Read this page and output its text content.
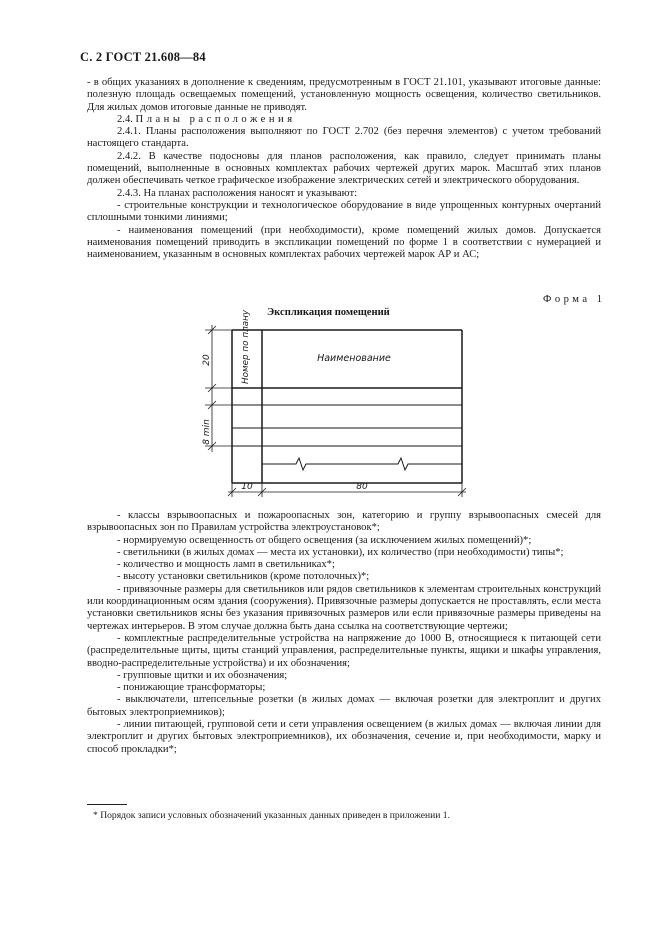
С. 2 ГОСТ 21.608—84

- в общих указаниях в дополнение к сведениям, предусмотренным в ГОСТ 21.101, указывают итоговые данные: полезную площадь освещаемых помещений, установленную мощность освещения, количество светильников. Для жилых домов итоговые данные не приводят.

2.4. Планы расположения

2.4.1. Планы расположения выполняют по ГОСТ 2.702 (без перечня элементов) с учетом требований настоящего стандарта.

2.4.2. В качестве подосновы для планов расположения, как правило, следует принимать планы помещений, выполненные в основных комплектах рабочих чертежей других марок. Масштаб этих планов должен обеспечивать четкое графическое изображение электрических сетей и электрического оборудования.

2.4.3. На планах расположения наносят и указывают:

- строительные конструкции и технологическое оборудование в виде упрощенных контурных очертаний сплошными тонкими линиями;

- наименования помещений (при необходимости), кроме помещений жилых домов. Допускается наименования помещений приводить в экспликации помещений по форме 1 в соответствии с нумерацией и наименованием, указанным в основных комплектах рабочих чертежей марок АР и АС;

Форма 1
Экспликация помещений
Номер по плану	Наименование
20
8 min
10	80

- классы взрывоопасных и пожароопасных зон, категорию и группу взрывоопасных смесей для взрывоопасных зон по Правилам устройства электроустановок*;

- нормируемую освещенность от общего освещения (за исключением жилых помещений)*;

- светильники (в жилых домах — места их установки), их количество (при необходимости) типы*;

- количество и мощность ламп в светильниках*;

- высоту установки светильников (кроме потолочных)*;

- привязочные размеры для светильников или рядов светильников к элементам строительных конструкций или координационным осям здания (сооружения). Привязочные размеры допускается не проставлять, если места установки светильников ясны без указания привязочных размеров или если привязочные размеры приведены на чертежах интерьеров. В этом случае должна быть дана ссылка на соответствующие чертежи;

- комплектные распределительные устройства на напряжение до 1000 В, относящиеся к питающей сети (распределительные щиты, щиты станций управления, распределительные пункты, ящики и шкафы управления, вводно-распределительные устройства) и их обозначения;

- групповые щитки и их обозначения;

- понижающие трансформаторы;

- выключатели, штепсельные розетки (в жилых домах — включая розетки для электроплит и других бытовых электроприемников);

- линии питающей, групповой сети и сети управления освещением (в жилых домах — включая линии для электроплит и других бытовых электроприемников), их обозначения, сечение и, при необходимости, марку и способ прокладки*;

* Порядок записи условных обозначений указанных данных приведен в приложении 1.
